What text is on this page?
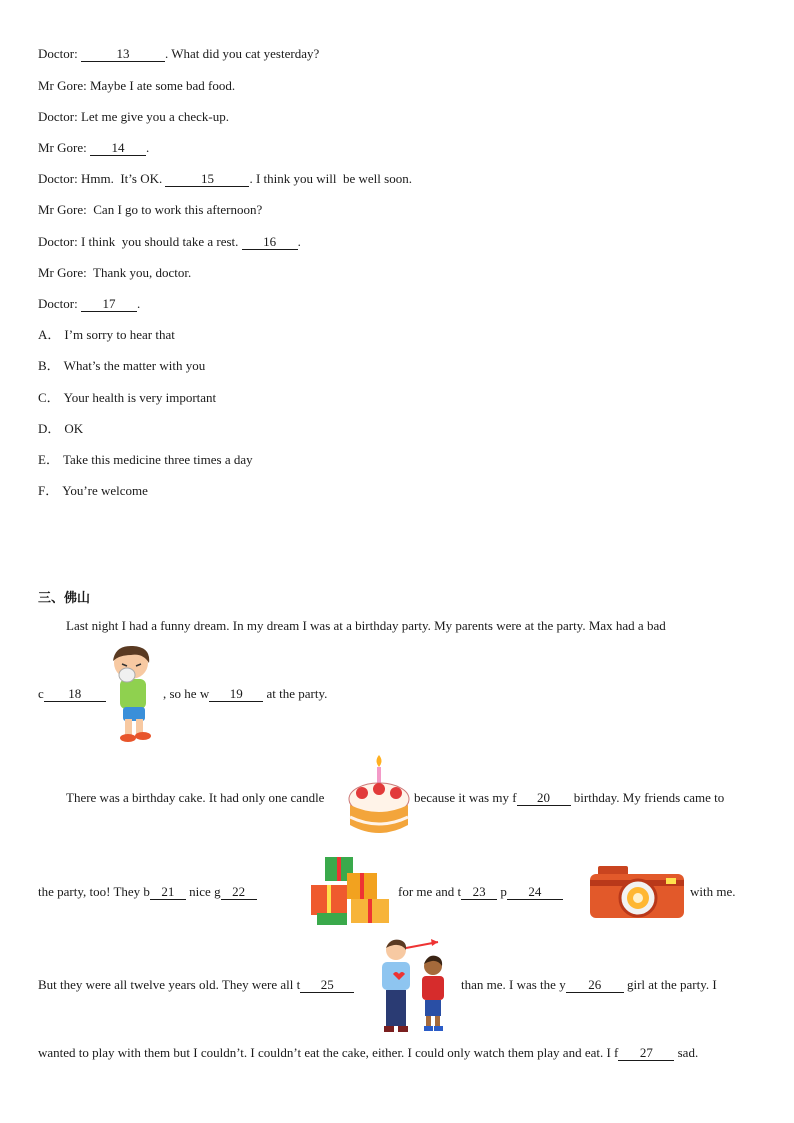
Doctor:	13	. What did you cat yesterday?
Mr Gore: Maybe I ate some bad food.
Doctor: Let me give you a check-up.
Mr Gore: 14 .
Doctor: Hmm.  It’s OK.	15	. I think you will  be well soon.
Mr Gore:  Can I go to work this afternoon?
Doctor: I think  you should take a rest. 16 .
Mr Gore:  Thank you, doctor.
Doctor: 17 .
A． I’m sorry to hear that
B． What’s the matter with you
C． Your health is very important
D． OK
E． Take this medicine three times a day
F． You’re welcome
三、佛山
Last night I had a funny dream. In my dream I was at a birthday party. My parents were at the party. Max had a bad
c 18	, so he w 19 at the party.
There was a birthday cake. It had only one candle	because it was my f 20 birthday. My friends came to
the party, too! They b 21 nice g 22	for me and t 23 p 24	with me.
But they were all twelve years old. They were all t 25	than me. I was the y 26 girl at the party. I
wanted to play with them but I couldn’t. I couldn’t eat the cake, either. I could only watch them play and eat. I f 27 sad.
